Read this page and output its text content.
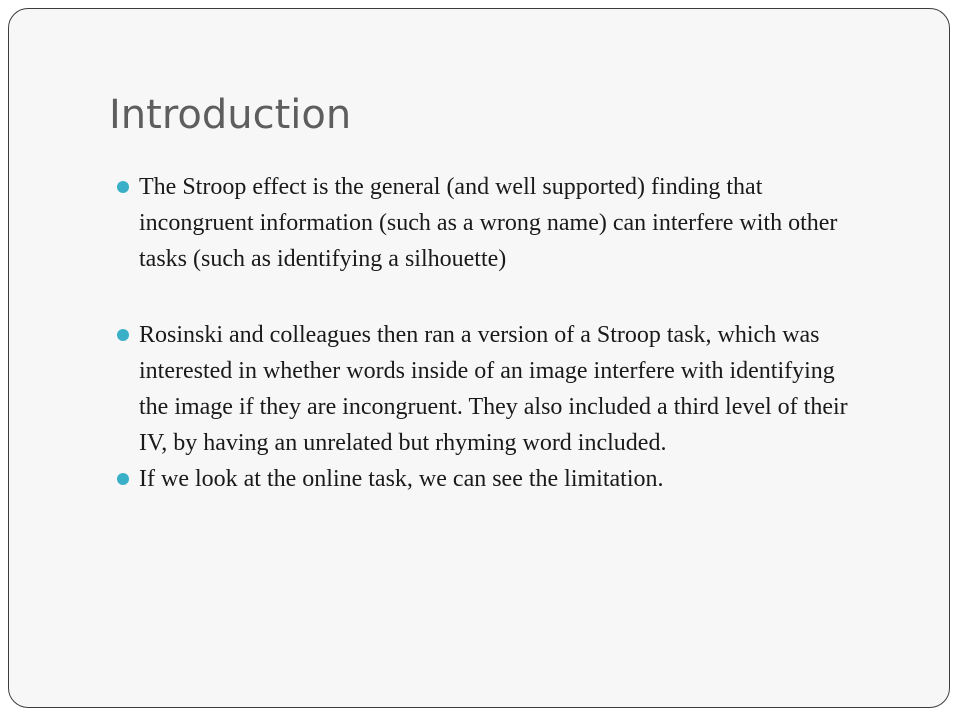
Introduction
The Stroop effect is the general (and well supported) finding that incongruent information (such as a wrong name) can interfere with other tasks (such as identifying a silhouette)
Rosinski and colleagues then ran a version of a Stroop task, which was interested in whether words inside of an image interfere with identifying the image if they are incongruent. They also included a third level of their IV, by having an unrelated but rhyming word included.
If we look at the online task, we can see the limitation.
